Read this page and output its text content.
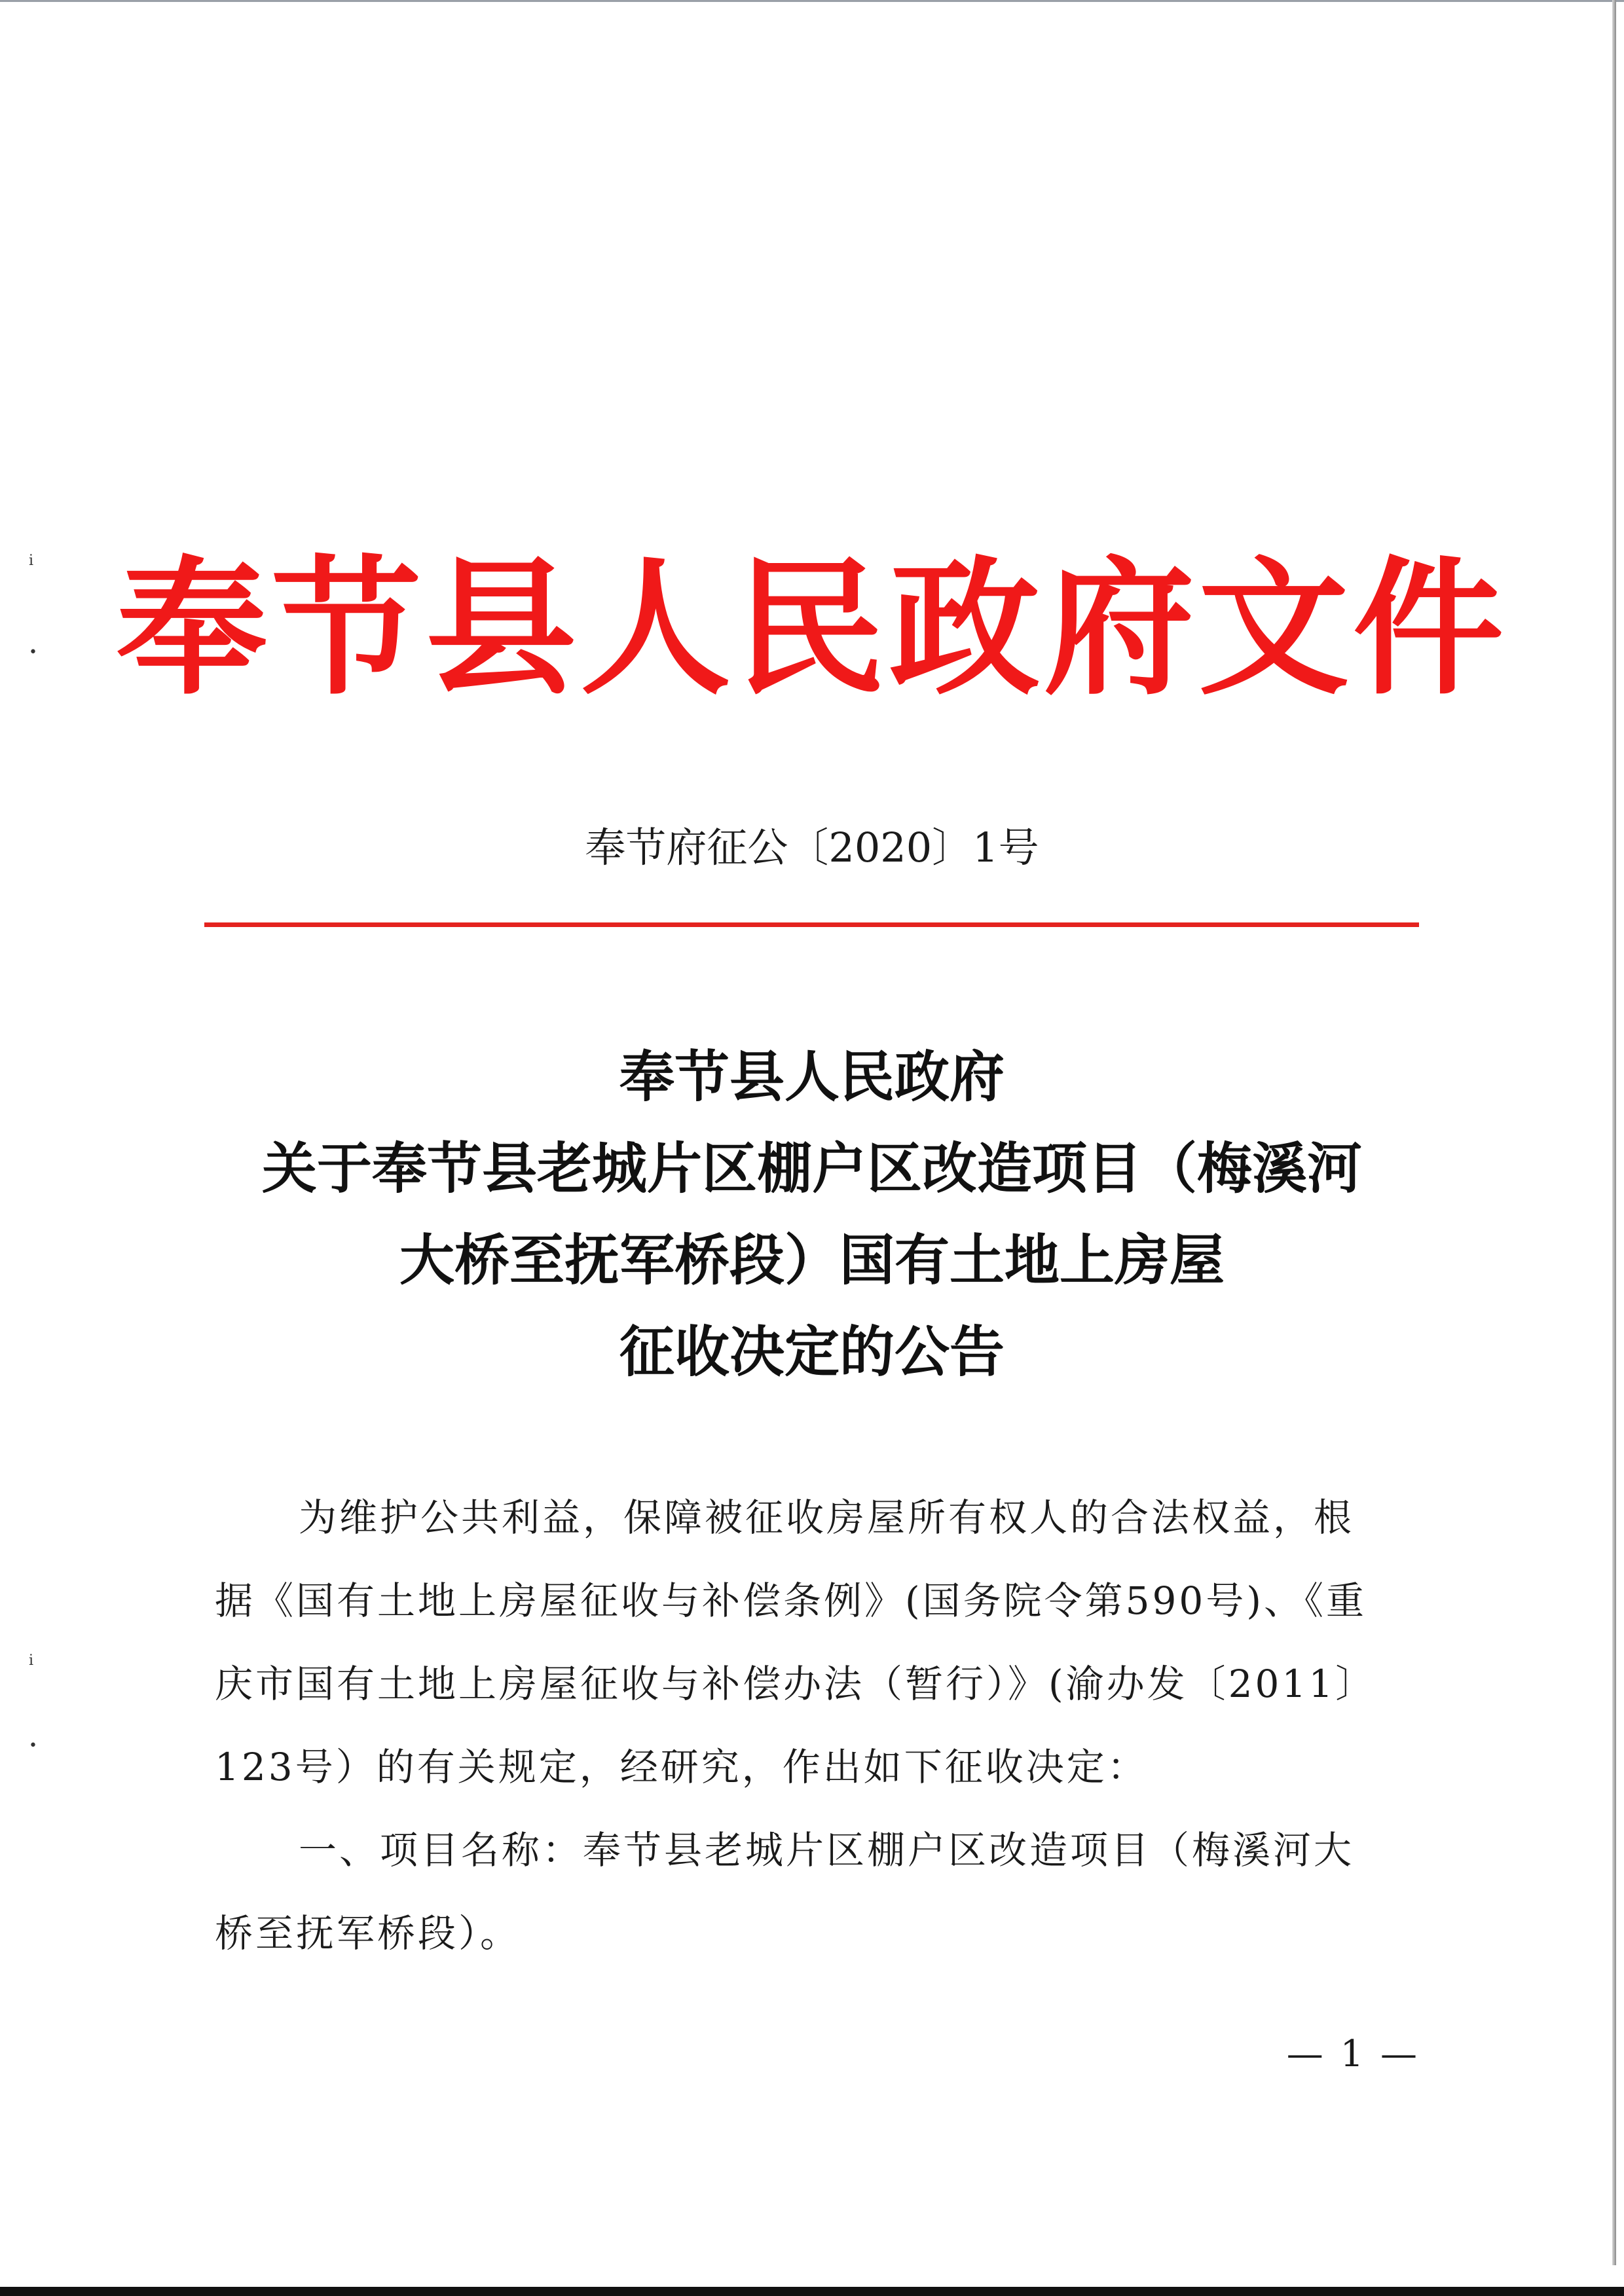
ⅰ
•
ⅰ
•
奉节县人民政府文件
奉节府征公〔2020〕1号
奉节县人民政府
关于奉节县老城片区棚户区改造项目（梅溪河
大桥至抚军桥段）国有土地上房屋
征收决定的公告
为维护公共利益，保障被征收房屋所有权人的合法权益，根
据《国有土地上房屋征收与补偿条例》(国务院令第590号)、《重
庆市国有土地上房屋征收与补偿办法（暂行）》(渝办发〔2011〕
123号）的有关规定，经研究，作出如下征收决定：
一、项目名称：奉节县老城片区棚户区改造项目（梅溪河大
桥至抚军桥段）。
— 1 —
